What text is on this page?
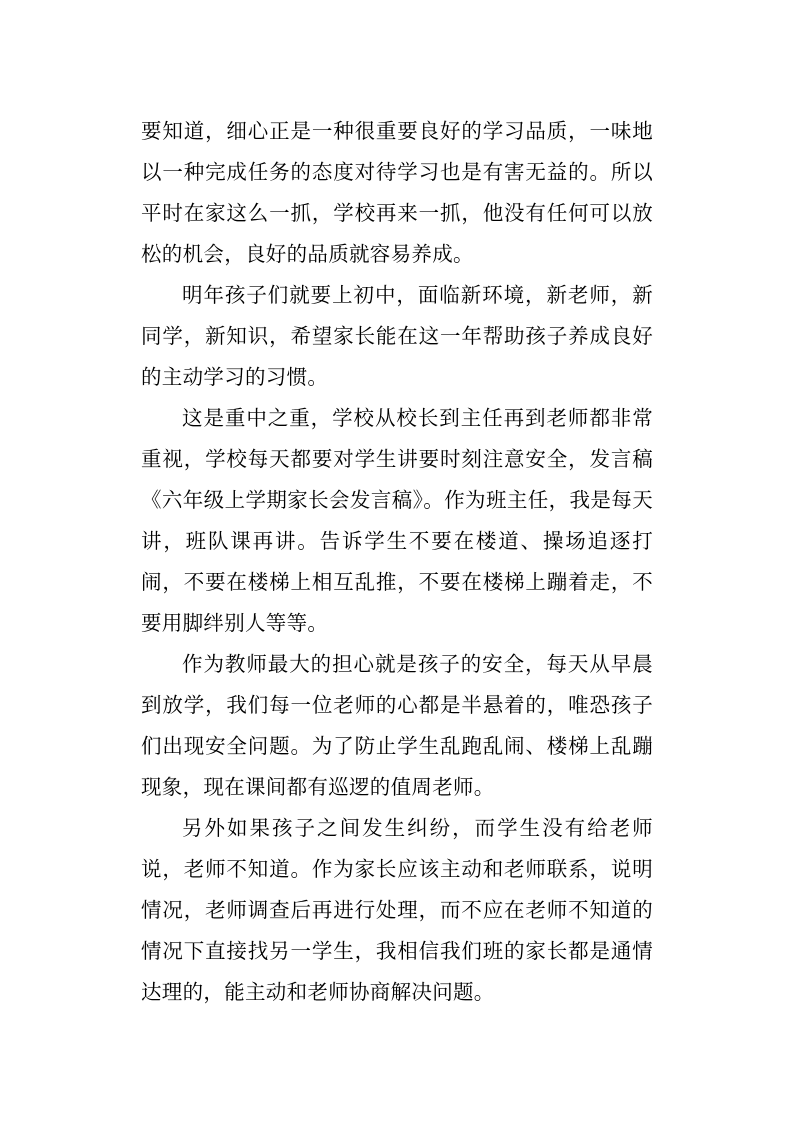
要知道，细心正是一种很重要良好的学习品质，一味地以一种完成任务的态度对待学习也是有害无益的。所以平时在家这么一抓，学校再来一抓，他没有任何可以放松的机会，良好的品质就容易养成。

明年孩子们就要上初中，面临新环境，新老师，新同学，新知识，希望家长能在这一年帮助孩子养成良好的主动学习的习惯。

这是重中之重，学校从校长到主任再到老师都非常重视，学校每天都要对学生讲要时刻注意安全，发言稿《六年级上学期家长会发言稿》。作为班主任，我是每天讲，班队课再讲。告诉学生不要在楼道、操场追逐打闹，不要在楼梯上相互乱推，不要在楼梯上蹦着走，不要用脚绊别人等等。

作为教师最大的担心就是孩子的安全，每天从早晨到放学，我们每一位老师的心都是半悬着的，唯恐孩子们出现安全问题。为了防止学生乱跑乱闹、楼梯上乱蹦现象，现在课间都有巡逻的值周老师。

另外如果孩子之间发生纠纷，而学生没有给老师说，老师不知道。作为家长应该主动和老师联系，说明情况，老师调查后再进行处理，而不应在老师不知道的情况下直接找另一学生，我相信我们班的家长都是通情达理的，能主动和老师协商解决问题。
